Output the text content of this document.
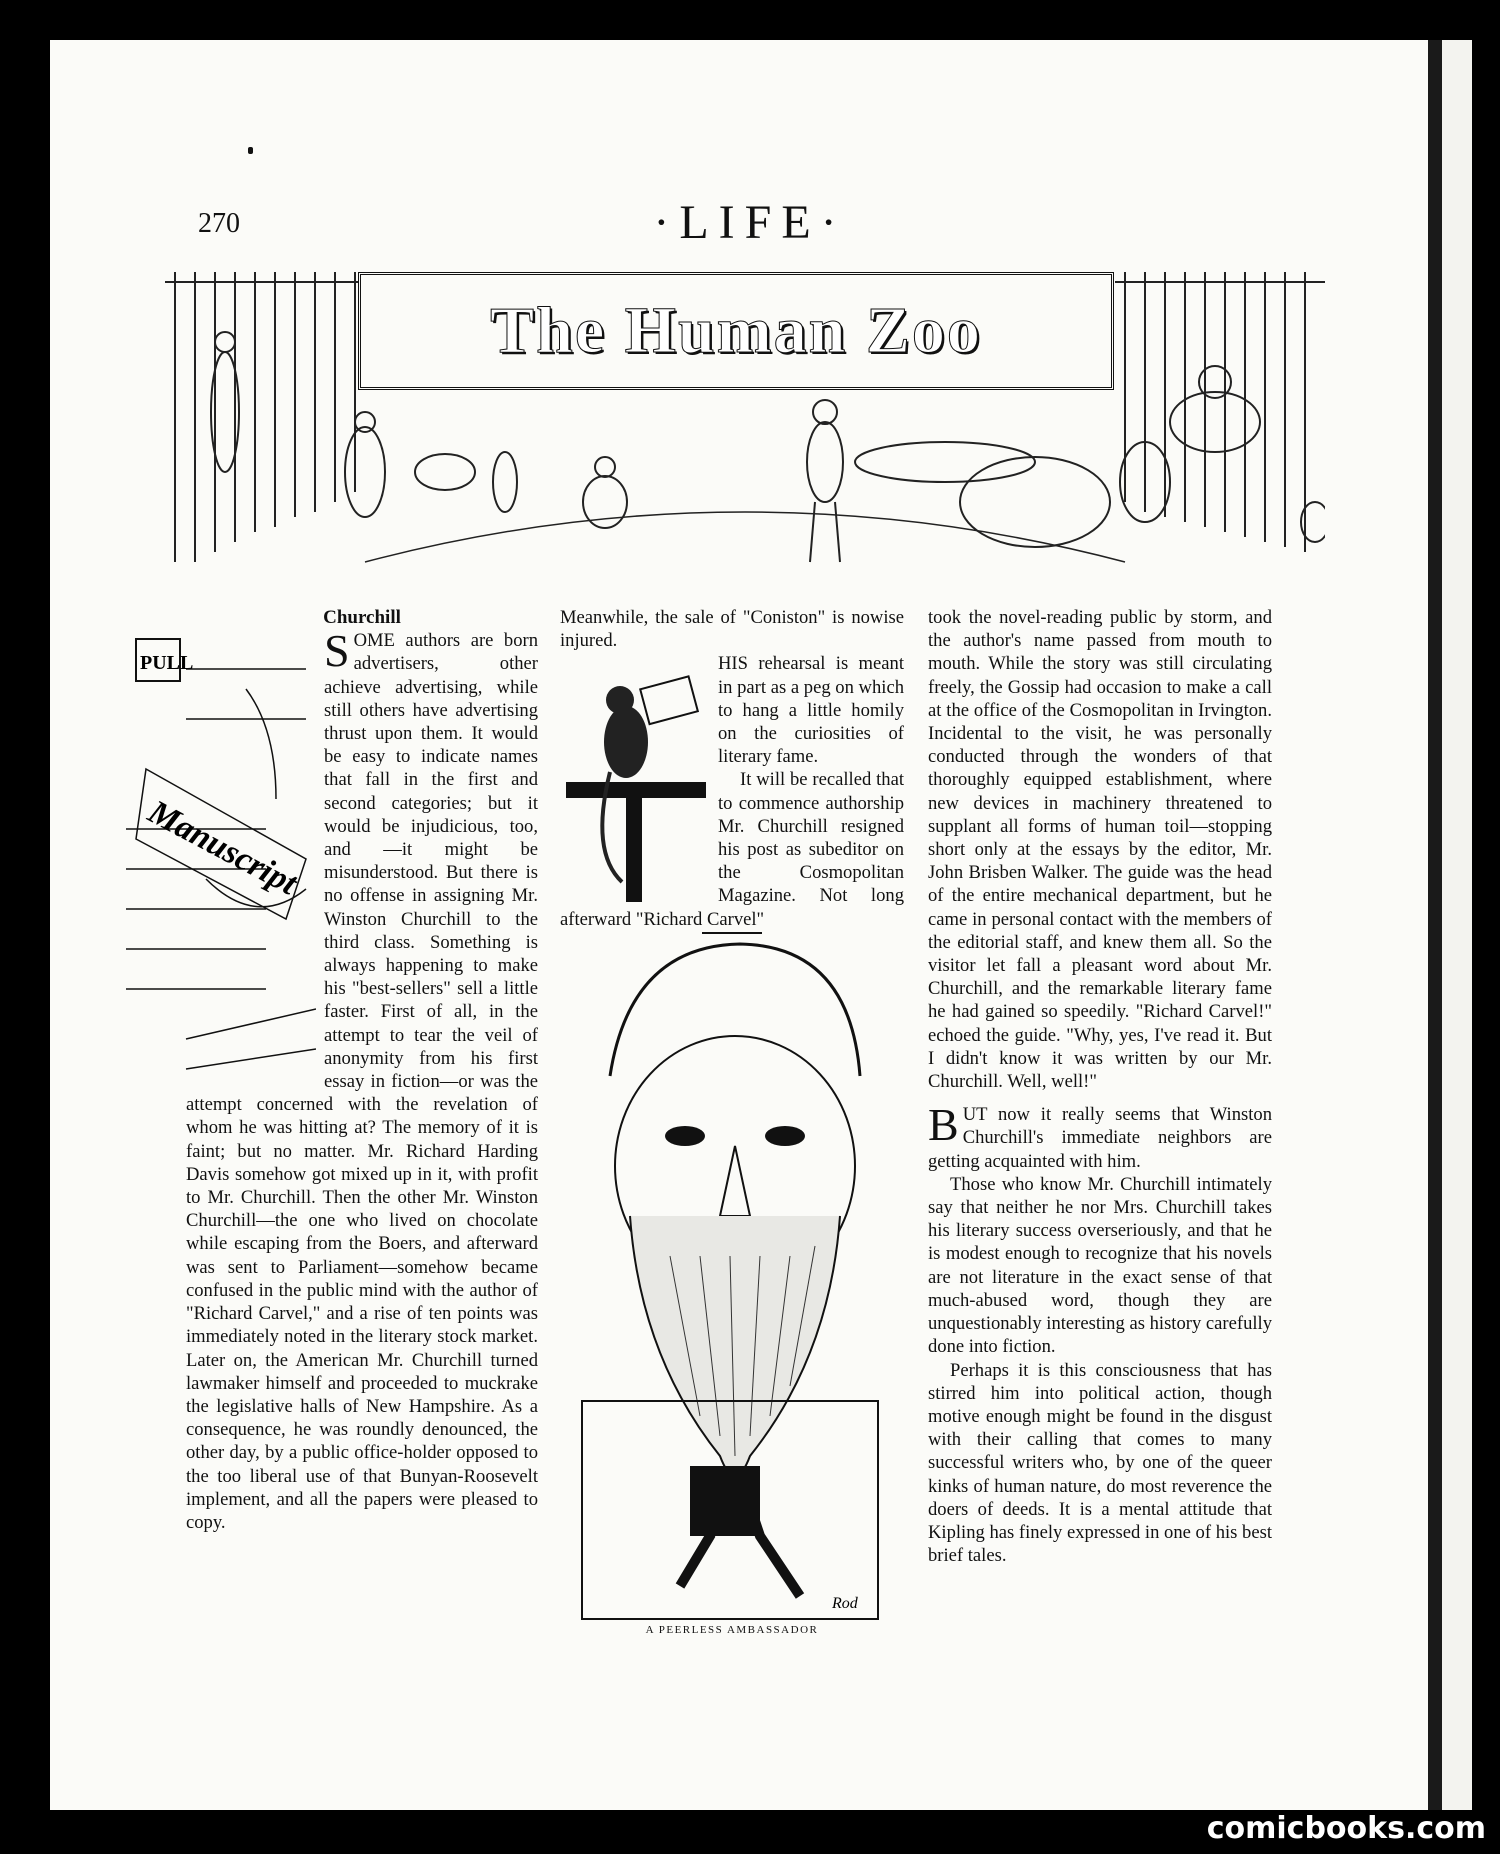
270	·LIFE·
The Human Zoo

Churchill

PULL
Manuscript

SOME authors are born advertisers, other achieve advertising, while still others have advertising thrust upon them. It would be easy to indicate names that fall in the first and second categories; but it would be injudicious, too, and —it might be misunderstood. But there is no offense in assigning Mr. Winston Churchill to the third class. Something is always happening to make his "best-sellers" sell a little faster. First of all, in the attempt to tear the veil of anonymity from his first essay in fiction—or was the attempt concerned with the revelation of whom he was hitting at? The memory of it is faint; but no matter. Mr. Richard Harding Davis somehow got mixed up in it, with profit to Mr. Churchill. Then the other Mr. Winston Churchill—the one who lived on chocolate while escaping from the Boers, and afterward was sent to Parliament—somehow became confused in the public mind with the author of "Richard Carvel," and a rise of ten points was immediately noted in the literary stock market. Later on, the American Mr. Churchill turned lawmaker himself and proceeded to muckrake the legislative halls of New Hampshire. As a consequence, he was roundly denounced, the other day, by a public office-holder opposed to the too liberal use of that Bunyan-Roosevelt implement, and all the papers were pleased to copy.

Meanwhile, the sale of "Coniston" is nowise injured.

HIS rehearsal is meant in part as a peg on which to hang a little homily on the curiosities of literary fame.

It will be recalled that to commence authorship Mr. Churchill resigned his post as subeditor on the Cosmopolitan Magazine. Not long afterward "Richard Carvel"

Rod
A PEERLESS AMBASSADOR

took the novel-reading public by storm, and the author's name passed from mouth to mouth. While the story was still circulating freely, the Gossip had occasion to make a call at the office of the Cosmopolitan in Irvington. Incidental to the visit, he was personally conducted through the wonders of that thoroughly equipped establishment, where new devices in machinery threatened to supplant all forms of human toil—stopping short only at the essays by the editor, Mr. John Brisben Walker. The guide was the head of the entire mechanical department, but he came in personal contact with the members of the editorial staff, and knew them all. So the visitor let fall a pleasant word about Mr. Churchill, and the remarkable literary fame he had gained so speedily. "Richard Carvel!" echoed the guide. "Why, yes, I've read it. But I didn't know it was written by our Mr. Churchill. Well, well!"

BUT now it really seems that Winston Churchill's immediate neighbors are getting acquainted with him.

Those who know Mr. Churchill intimately say that neither he nor Mrs. Churchill takes his literary success overseriously, and that he is modest enough to recognize that his novels are not literature in the exact sense of that much-abused word, though they are unquestionably interesting as history carefully done into fiction.

Perhaps it is this consciousness that has stirred him into political action, though motive enough might be found in the disgust with their calling that comes to many successful writers who, by one of the queer kinks of human nature, do most reverence the doers of deeds. It is a mental attitude that Kipling has finely expressed in one of his best brief tales.

comicbooks.com
